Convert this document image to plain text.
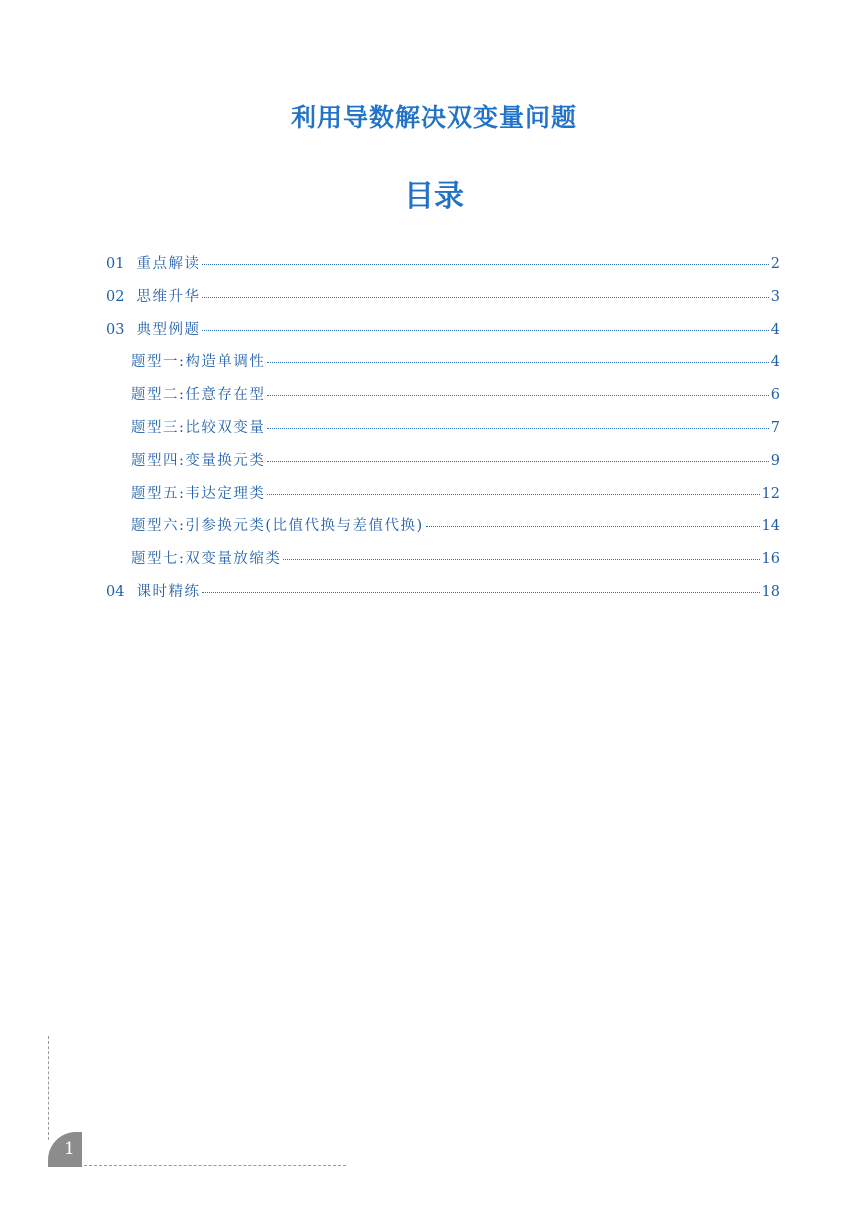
利用导数解决双变量问题
目录
01 重点解读	2
02 思维升华	3
03 典型例题	4
题型一:构造单调性	4
题型二:任意存在型	6
题型三:比较双变量	7
题型四:变量换元类	9
题型五:韦达定理类	12
题型六:引参换元类(比值代换与差值代换)	14
题型七:双变量放缩类	16
04 课时精练	18
1
